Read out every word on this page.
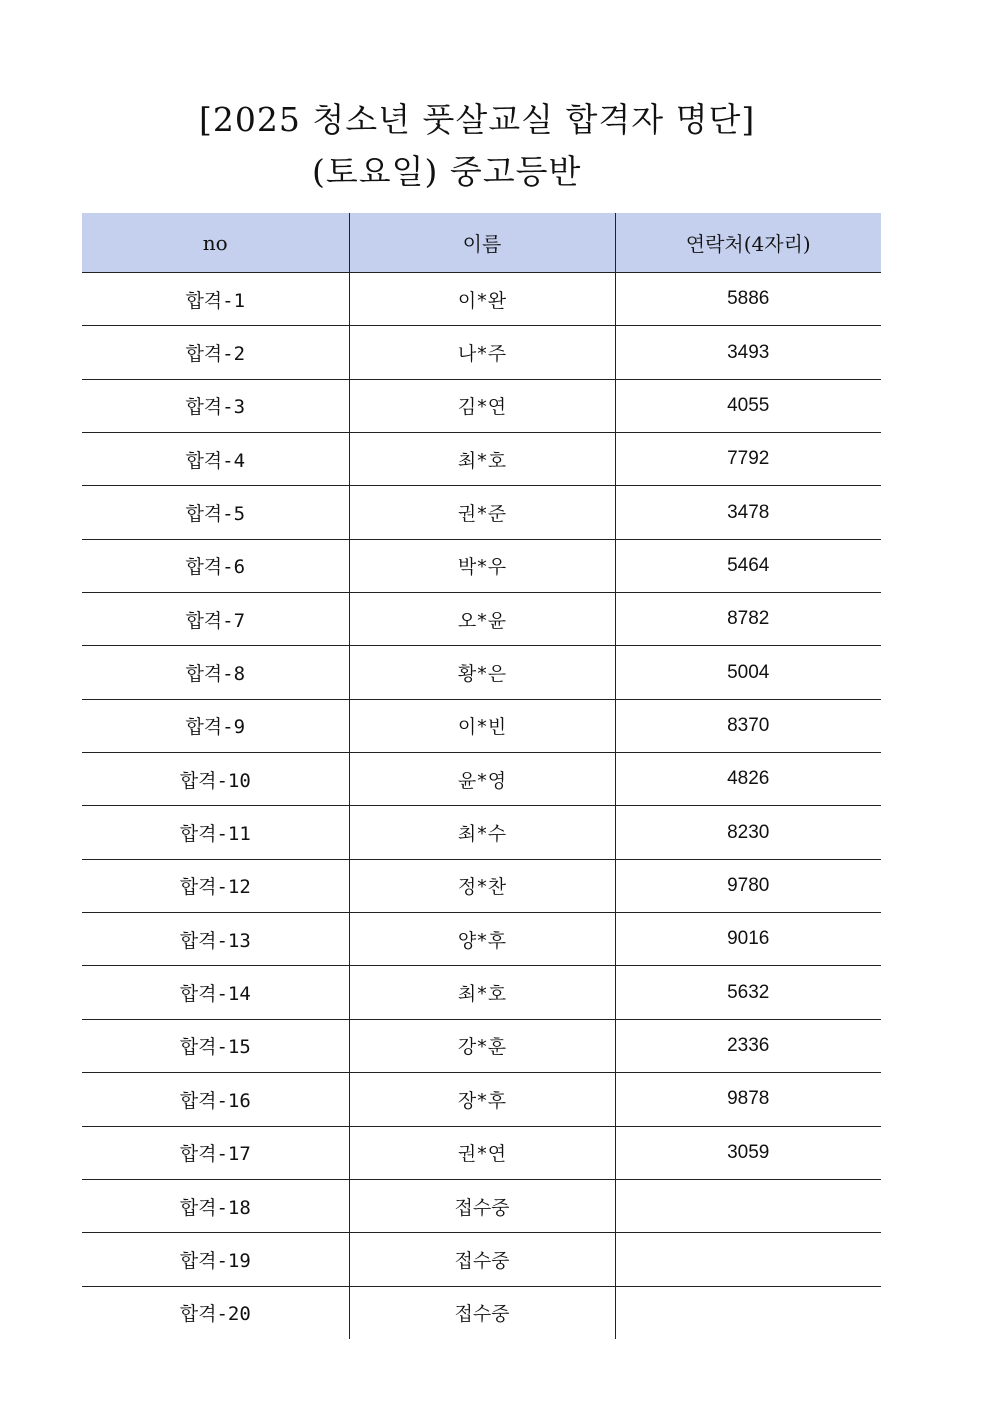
[2025 청소년 풋살교실 합격자 명단]
(토요일) 중고등반
no	이름	연락처(4자리)
합격-1	이*완	5886
합격-2	나*주	3493
합격-3	김*연	4055
합격-4	최*호	7792
합격-5	권*준	3478
합격-6	박*우	5464
합격-7	오*윤	8782
합격-8	황*은	5004
합격-9	이*빈	8370
합격-10	윤*영	4826
합격-11	최*수	8230
합격-12	정*찬	9780
합격-13	양*후	9016
합격-14	최*호	5632
합격-15	강*훈	2336
합격-16	장*후	9878
합격-17	권*연	3059
합격-18	접수중	
합격-19	접수중	
합격-20	접수중	
